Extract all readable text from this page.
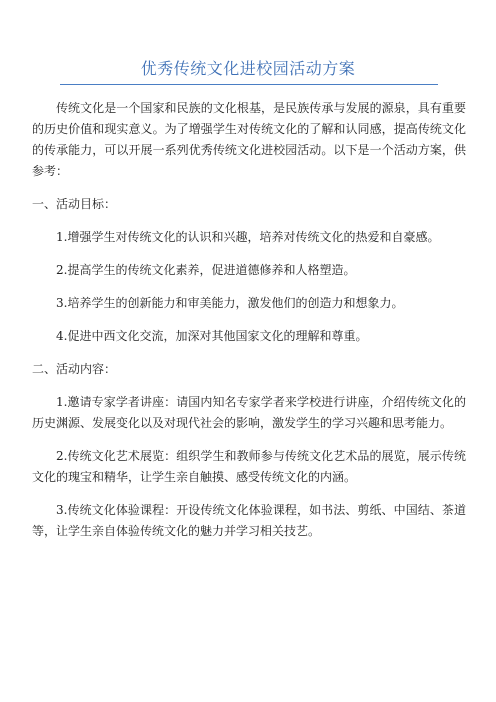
优秀传统文化进校园活动方案

传统文化是一个国家和民族的文化根基，是民族传承与发展的源泉，具有重要的历史价值和现实意义。为了增强学生对传统文化的了解和认同感，提高传统文化的传承能力，可以开展一系列优秀传统文化进校园活动。以下是一个活动方案，供参考：

一、活动目标：

1.增强学生对传统文化的认识和兴趣，培养对传统文化的热爱和自豪感。

2.提高学生的传统文化素养，促进道德修养和人格塑造。

3.培养学生的创新能力和审美能力，激发他们的创造力和想象力。

4.促进中西文化交流，加深对其他国家文化的理解和尊重。

二、活动内容：

1.邀请专家学者讲座：请国内知名专家学者来学校进行讲座，介绍传统文化的历史渊源、发展变化以及对现代社会的影响，激发学生的学习兴趣和思考能力。

2.传统文化艺术展览：组织学生和教师参与传统文化艺术品的展览，展示传统文化的瑰宝和精华，让学生亲自触摸、感受传统文化的内涵。

3.传统文化体验课程：开设传统文化体验课程，如书法、剪纸、中国结、茶道等，让学生亲自体验传统文化的魅力并学习相关技艺。
